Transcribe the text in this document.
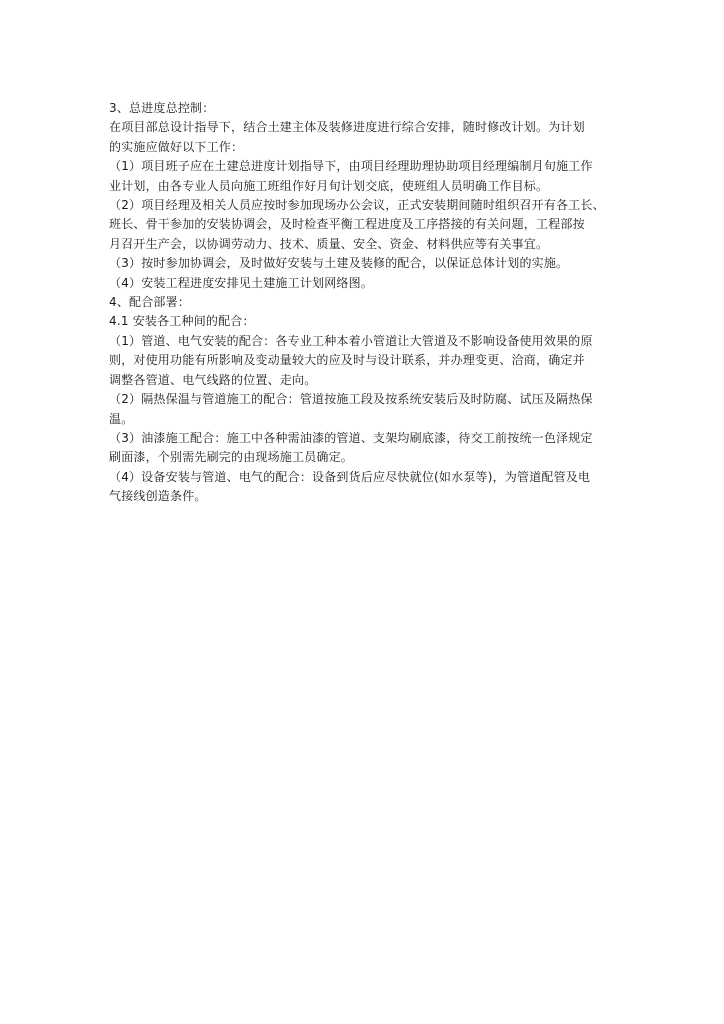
3、总进度总控制：
在项目部总设计指导下，结合土建主体及装修进度进行综合安排，随时修改计划。为计划
的实施应做好以下工作：
（1）项目班子应在土建总进度计划指导下，由项目经理助理协助项目经理编制月旬施工作
业计划，由各专业人员向施工班组作好月旬计划交底，使班组人员明确工作目标。
（2）项目经理及相关人员应按时参加现场办公会议，正式安装期间随时组织召开有各工长、
班长、骨干参加的安装协调会，及时检查平衡工程进度及工序搭接的有关问题，工程部按
月召开生产会，以协调劳动力、技术、质量、安全、资金、材料供应等有关事宜。
（3）按时参加协调会，及时做好安装与土建及装修的配合，以保证总体计划的实施。
（4）安装工程进度安排见土建施工计划网络图。
4、配合部署：
4.1 安装各工种间的配合：
（1）管道、电气安装的配合：各专业工种本着小管道让大管道及不影响设备使用效果的原
则，对使用功能有所影响及变动量较大的应及时与设计联系，并办理变更、洽商，确定并
调整各管道、电气线路的位置、走向。
（2）隔热保温与管道施工的配合：管道按施工段及按系统安装后及时防腐、试压及隔热保
温。
（3）油漆施工配合：施工中各种需油漆的管道、支架均刷底漆，待交工前按统一色泽规定
刷面漆，个别需先刷完的由现场施工员确定。
（4）设备安装与管道、电气的配合：设备到货后应尽快就位(如水泵等)，为管道配管及电
气接线创造条件。
